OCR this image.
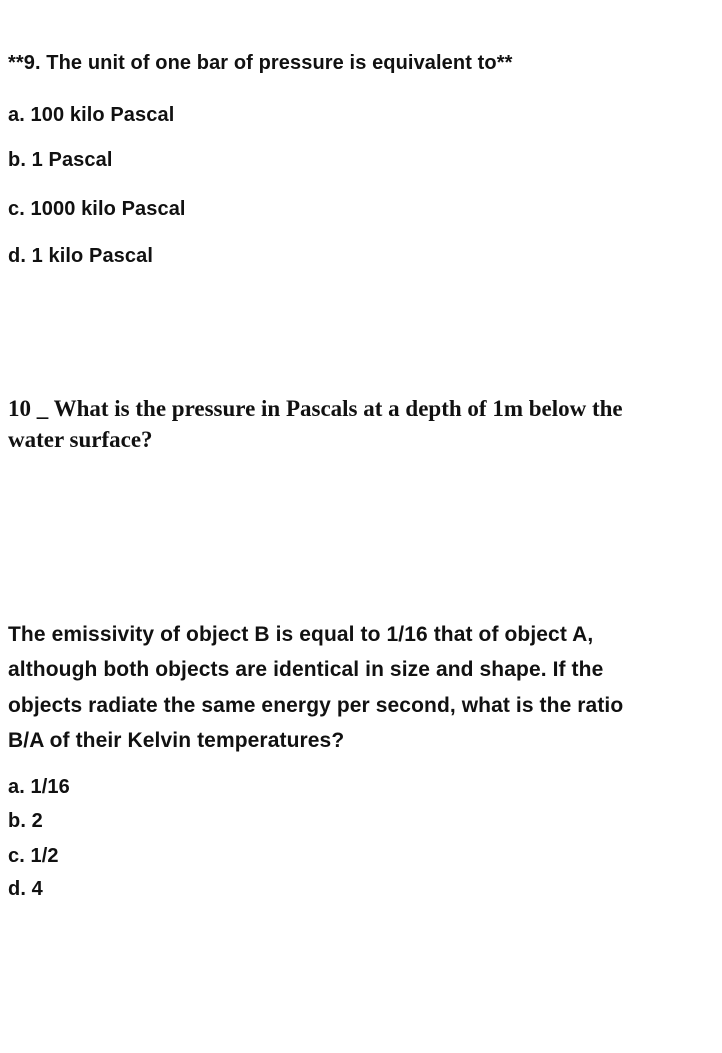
**9. The unit of one bar of pressure is equivalent to**

a. 100 kilo Pascal

b. 1 Pascal

c. 1000 kilo Pascal

d. 1 kilo Pascal

10 _ What is the pressure in Pascals at a depth of 1m below the

water surface?

The emissivity of object B is equal to 1/16 that of object A,

although both objects are identical in size and shape. If the

objects radiate the same energy per second, what is the ratio

B/A of their Kelvin temperatures?

a. 1/16

b. 2

c. 1/2

d. 4
